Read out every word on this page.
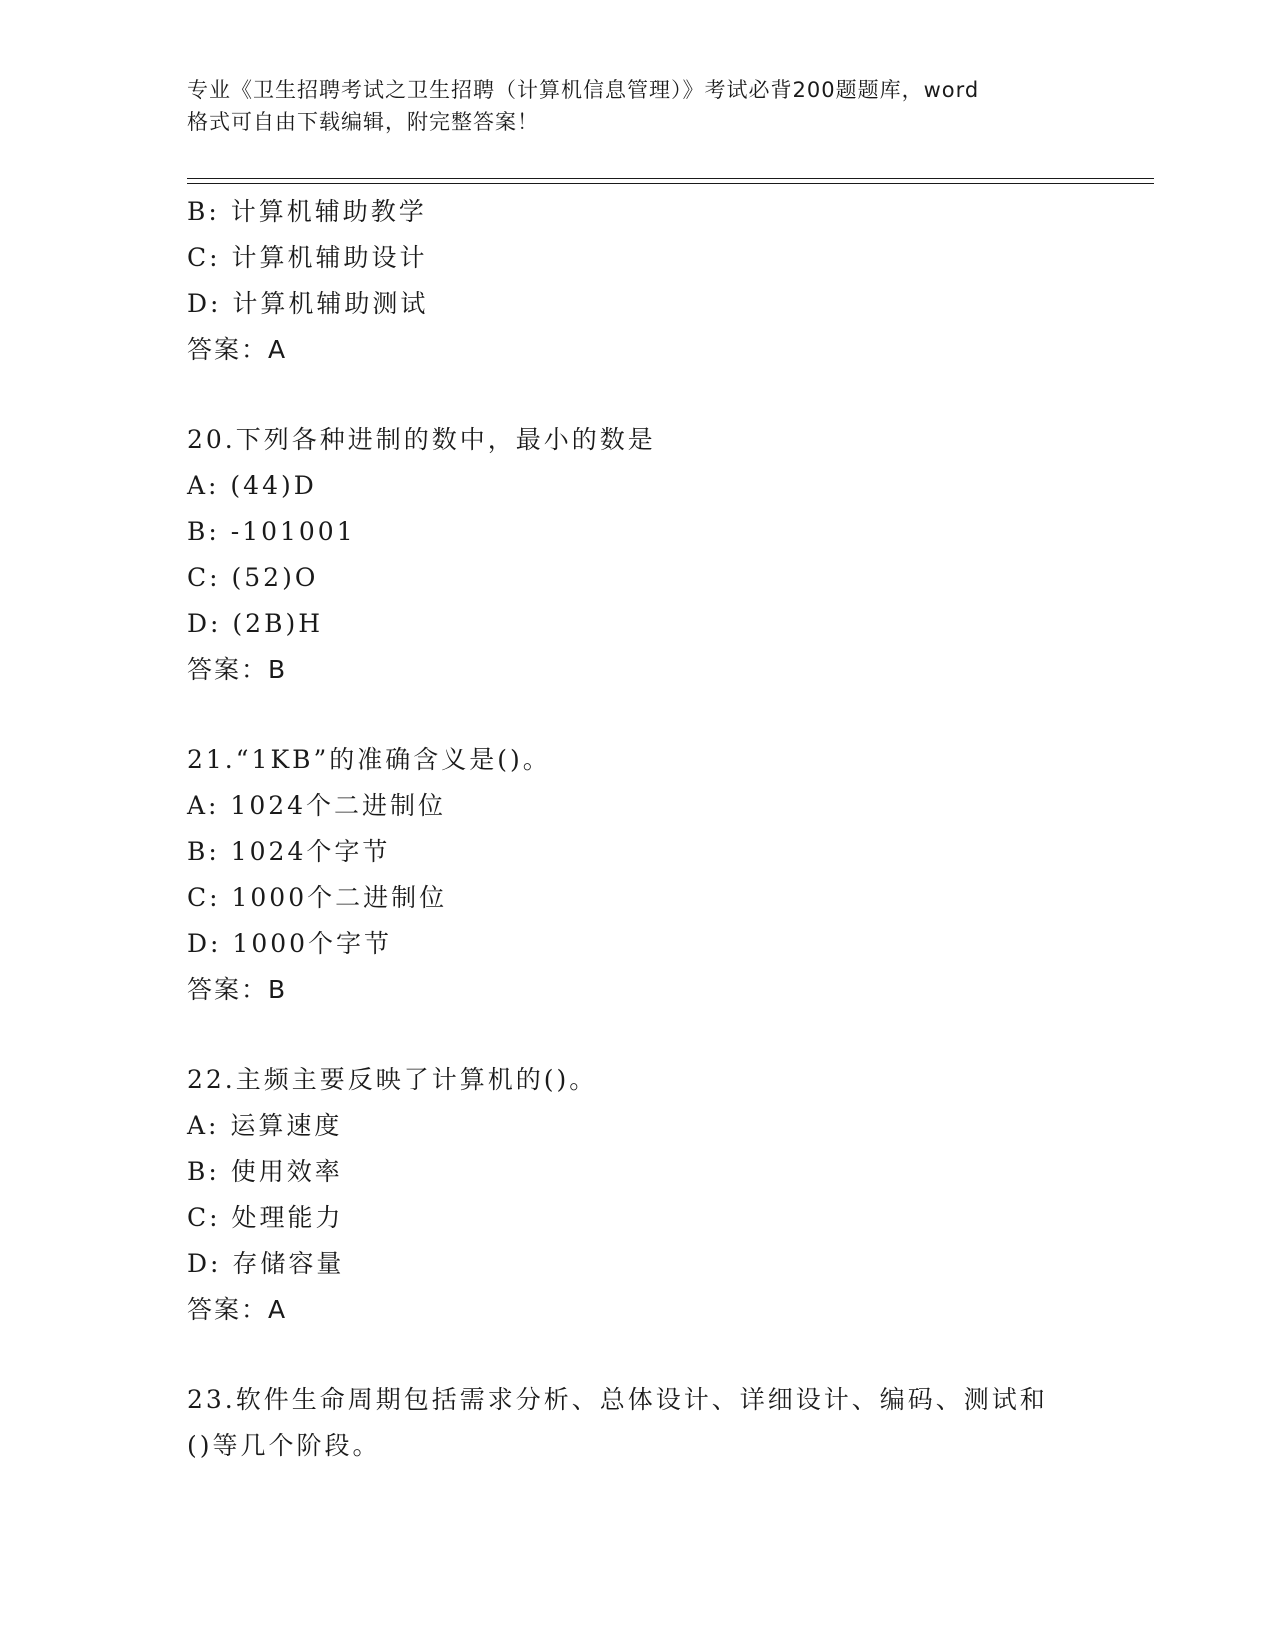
专业《卫生招聘考试之卫生招聘（计算机信息管理）》考试必背200题题库，word
格式可自由下载编辑，附完整答案！
B: 计算机辅助教学
C: 计算机辅助设计
D: 计算机辅助测试
答案：A
20.下列各种进制的数中，最小的数是
A: (44)D
B: -101001
C: (52)O
D: (2B)H
答案：B
21.“1KB”的准确含义是()。
A: 1024个二进制位
B: 1024个字节
C: 1000个二进制位
D: 1000个字节
答案：B
22.主频主要反映了计算机的()。
A: 运算速度
B: 使用效率
C: 处理能力
D: 存储容量
答案：A
23.软件生命周期包括需求分析、总体设计、详细设计、编码、测试和
()等几个阶段。
